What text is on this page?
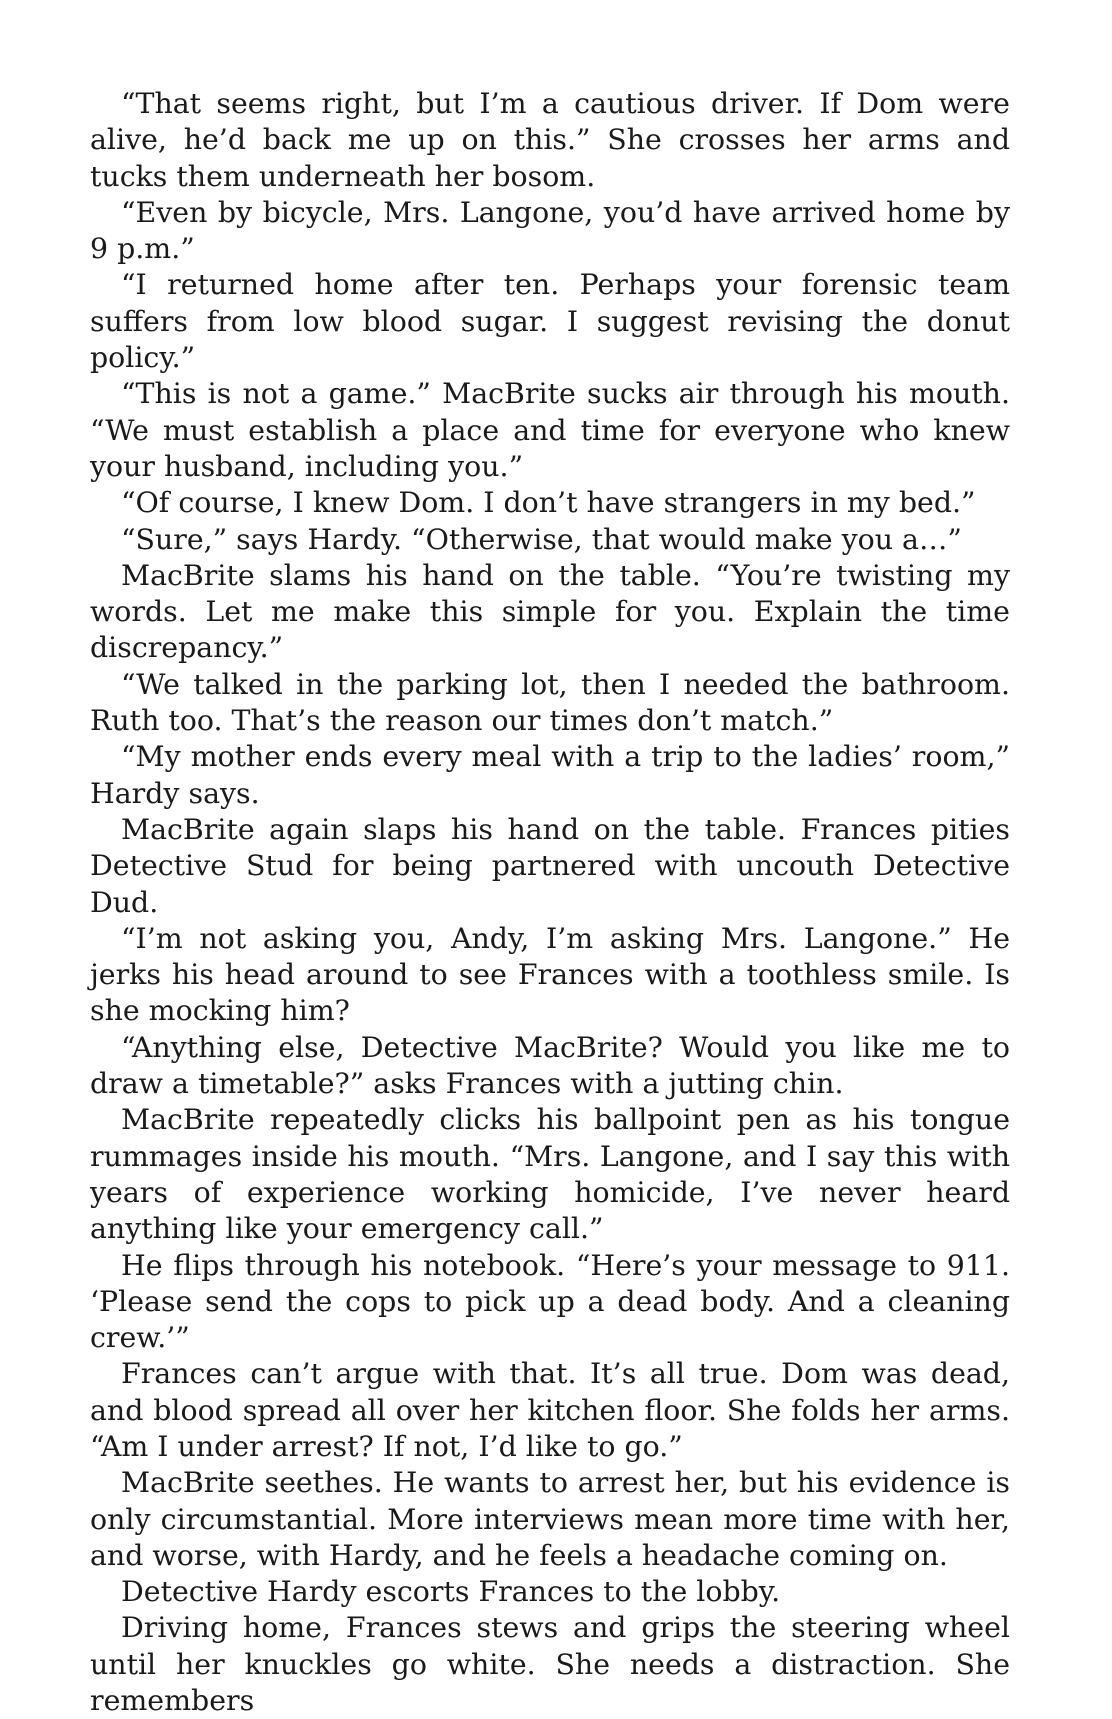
“That seems right, but I’m a cautious driver. If Dom were alive, he’d back me up on this.” She crosses her arms and tucks them underneath her bosom.

“Even by bicycle, Mrs. Langone, you’d have arrived home by 9 p.m.”

“I returned home after ten. Perhaps your forensic team suffers from low blood sugar. I suggest revising the donut policy.”

“This is not a game.” MacBrite sucks air through his mouth. “We must establish a place and time for everyone who knew your husband, including you.”

“Of course, I knew Dom. I don’t have strangers in my bed.”

“Sure,” says Hardy. “Otherwise, that would make you a…”

MacBrite slams his hand on the table. “You’re twisting my words. Let me make this simple for you. Explain the time discrepancy.”

“We talked in the parking lot, then I needed the bathroom. Ruth too. That’s the reason our times don’t match.”

“My mother ends every meal with a trip to the ladies’ room,” Hardy says.

MacBrite again slaps his hand on the table. Frances pities Detective Stud for being partnered with uncouth Detective Dud.

“I’m not asking you, Andy, I’m asking Mrs. Langone.” He jerks his head around to see Frances with a toothless smile. Is she mocking him?

“Anything else, Detective MacBrite? Would you like me to draw a timetable?” asks Frances with a jutting chin.

MacBrite repeatedly clicks his ballpoint pen as his tongue rummages inside his mouth. “Mrs. Langone, and I say this with years of experience working homicide, I’ve never heard anything like your emergency call.”

He flips through his notebook. “Here’s your message to 911. ‘Please send the cops to pick up a dead body. And a cleaning crew.’”

Frances can’t argue with that. It’s all true. Dom was dead, and blood spread all over her kitchen floor. She folds her arms. “Am I under arrest? If not, I’d like to go.”

MacBrite seethes. He wants to arrest her, but his evidence is only circumstantial. More interviews mean more time with her, and worse, with Hardy, and he feels a headache coming on.

Detective Hardy escorts Frances to the lobby.

Driving home, Frances stews and grips the steering wheel until her knuckles go white. She needs a distraction. She remembers
